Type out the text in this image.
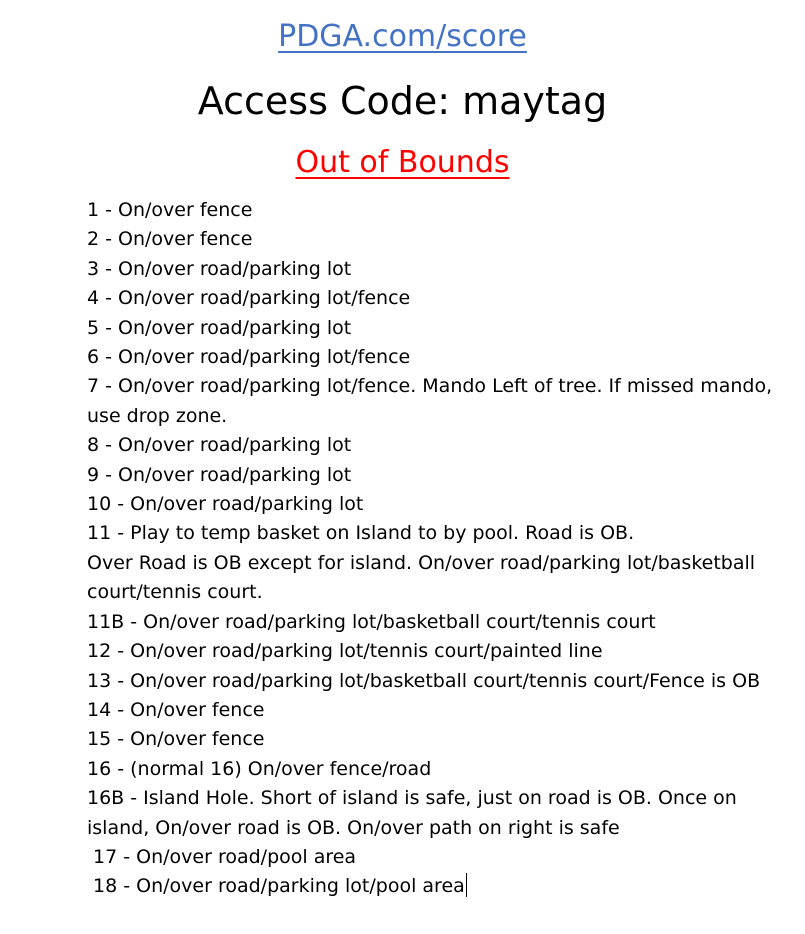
PDGA.com/score
Access Code: maytag
Out of Bounds
1 - On/over fence
2 - On/over fence
3 - On/over road/parking lot
4 - On/over road/parking lot/fence
5 - On/over road/parking lot
6 - On/over road/parking lot/fence
7 - On/over road/parking lot/fence. Mando Left of tree. If missed mando, use drop zone.
8 - On/over road/parking lot
9 - On/over road/parking lot
10 - On/over road/parking lot
11 - Play to temp basket on Island to by pool. Road is OB.
Over Road is OB except for island. On/over road/parking lot/basketball court/tennis court.
11B - On/over road/parking lot/basketball court/tennis court
12 - On/over road/parking lot/tennis court/painted line
13 - On/over road/parking lot/basketball court/tennis court/Fence is OB
14 - On/over fence
15 - On/over fence
16 - (normal 16) On/over fence/road
16B - Island Hole. Short of island is safe, just on road is OB. Once on island, On/over road is OB. On/over path on right is safe
17 - On/over road/pool area
18 - On/over road/parking lot/pool area
